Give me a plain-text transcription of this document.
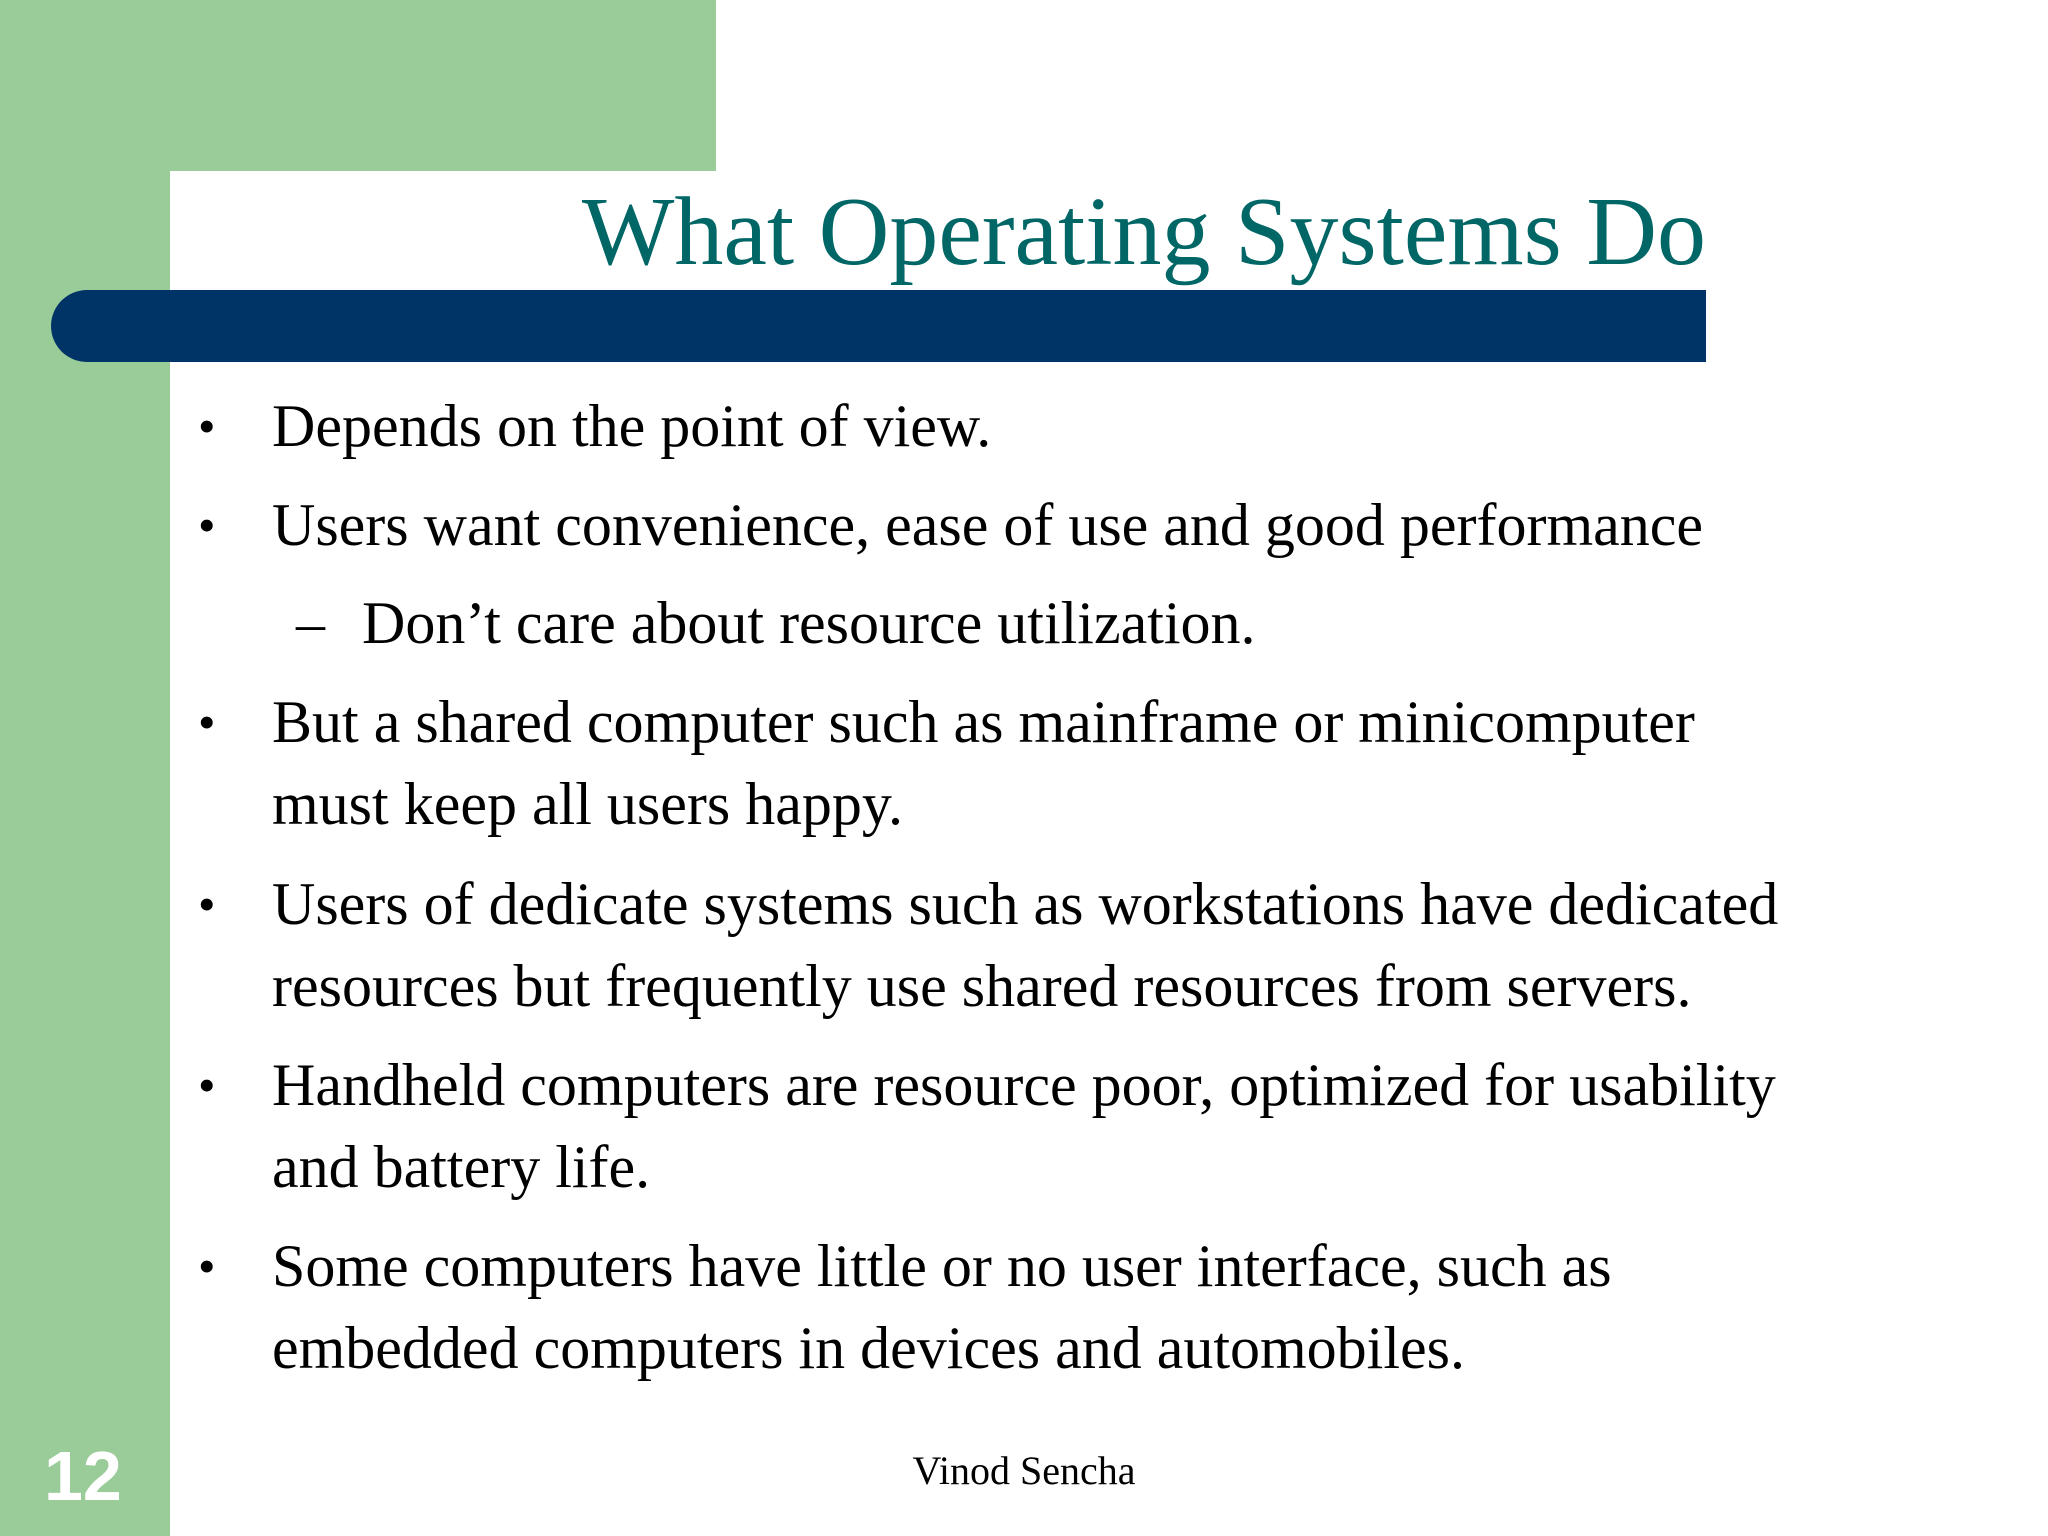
What Operating Systems Do
• Depends on the point of view.
• Users want convenience, ease of use and good performance
– Don’t care about resource utilization.
• But a shared computer such as mainframe or minicomputer
must keep all users happy.
• Users of dedicate systems such as workstations have dedicated
resources but frequently use shared resources from servers.
• Handheld computers are resource poor, optimized for usability
and battery life.
• Some computers have little or no user interface, such as
embedded computers in devices and automobiles.
12	Vinod Sencha
